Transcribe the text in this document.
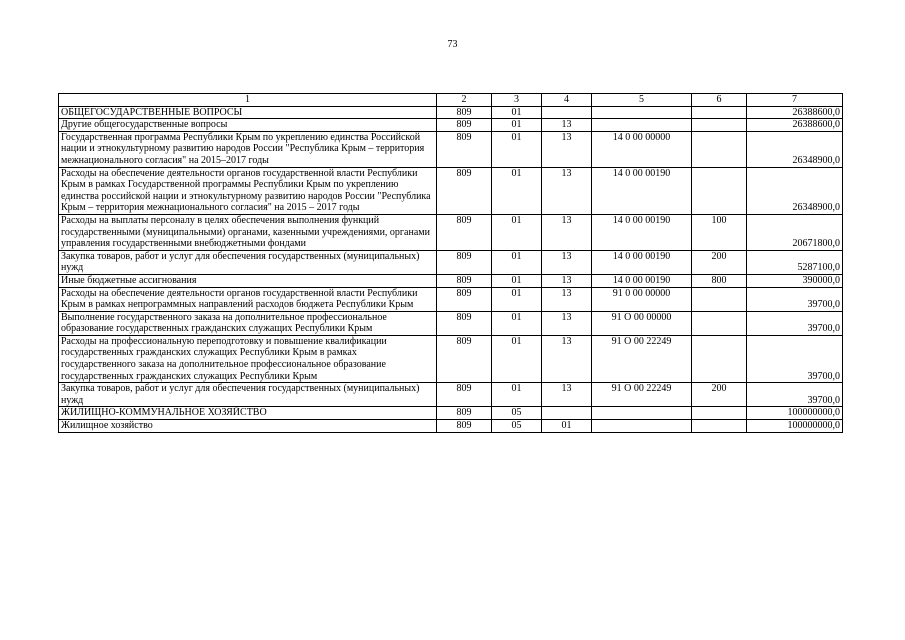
73
1	2	3	4	5	6	7
ОБЩЕГОСУДАРСТВЕННЫЕ ВОПРОСЫ	809	01				26388600,0
Другие общегосударственные вопросы	809	01	13			26388600,0
Государственная программа Республики Крым по укреплению единства Российской нации и этнокультурному развитию народов России "Республика Крым – территория межнационального согласия" на 2015–2017 годы	809	01	13	14 0 00 00000		26348900,0
Расходы на обеспечение деятельности органов государственной власти Республики Крым в рамках Государственной программы Республики Крым по укреплению единства российской нации и этнокультурному развитию народов России "Республика Крым – территория межнационального согласия" на 2015 – 2017 годы	809	01	13	14 0 00 00190		26348900,0
Расходы на выплаты персоналу в целях обеспечения выполнения функций государственными (муниципальными) органами, казенными учреждениями, органами управления государственными внебюджетными фондами	809	01	13	14 0 00 00190	100	20671800,0
Закупка товаров, работ и услуг для обеспечения государственных (муниципальных) нужд	809	01	13	14 0 00 00190	200	5287100,0
Иные бюджетные ассигнования	809	01	13	14 0 00 00190	800	390000,0
Расходы на обеспечение деятельности органов государственной власти Республики Крым в рамках непрограммных направлений расходов бюджета Республики Крым	809	01	13	91 0 00 00000		39700,0
Выполнение государственного заказа на дополнительное профессиональное образование государственных гражданских служащих Республики Крым	809	01	13	91 О 00 00000		39700,0
Расходы на профессиональную переподготовку и повышение квалификации государственных гражданских служащих Республики Крым в рамках государственного заказа на дополнительное профессиональное образование государственных гражданских служащих Республики Крым	809	01	13	91 О 00 22249		39700,0
Закупка товаров, работ и услуг для обеспечения государственных (муниципальных) нужд	809	01	13	91 О 00 22249	200	39700,0
ЖИЛИЩНО-КОММУНАЛЬНОЕ ХОЗЯЙСТВО	809	05				100000000,0
Жилищное хозяйство	809	05	01			100000000,0
